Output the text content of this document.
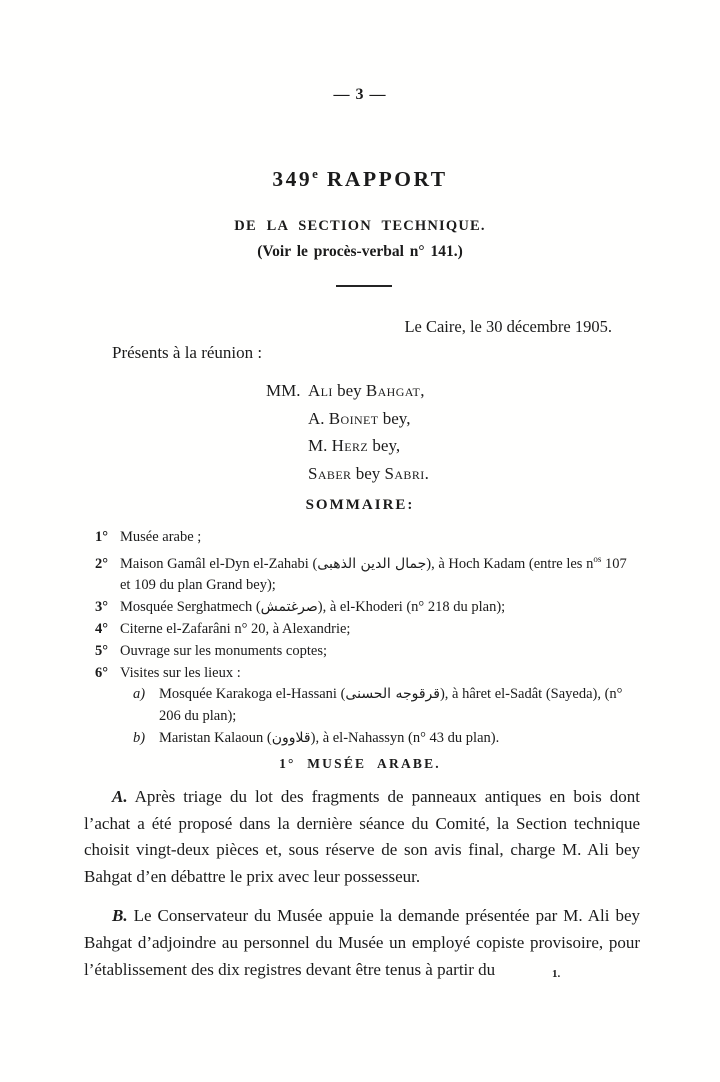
— 3 —
349e RAPPORT
DE LA SECTION TECHNIQUE.
(Voir le procès-verbal n° 141.)
Le Caire, le 30 décembre 1905.
Présents à la réunion :
MM. Ali bey Bahgat,
A. Boinet bey,
M. Herz bey,
Saber bey Sabri.
SOMMAIRE:
1° Musée arabe ;
2° Maison Gamâl el-Dyn el-Zahabi (جمال الدين الذهبى), à Hoch Kadam (entre les $n^{os}$ 107 et 109 du plan Grand bey);
3° Mosquée Serghatmech (صرغتمش), à el-Khoderi (n° 218 du plan);
4° Citerne el-Zafarâni n° 20, à Alexandrie;
5° Ouvrage sur les monuments coptes;
6° Visites sur les lieux :
a) Mosquée Karakoga el-Hassani (قرقوجه الحسنى), à hâret el-Sadât (Sayeda), (n° 206 du plan);
b) Maristan Kalaoun (قلاوون), à el-Nahassyn (n° 43 du plan).
1° MUSÉE ARABE.

A. Après triage du lot des fragments de panneaux antiques en bois dont l’achat a été proposé dans la dernière séance du Comité, la Section technique choisit vingt-deux pièces et, sous réserve de son avis final, charge M. Ali bey Bahgat d’en débattre le prix avec leur possesseur.

B. Le Conservateur du Musée appuie la demande présentée par M. Ali bey Bahgat d’adjoindre au personnel du Musée un employé copiste provisoire, pour l’établissement des dix registres devant être tenus à partir du	1.
